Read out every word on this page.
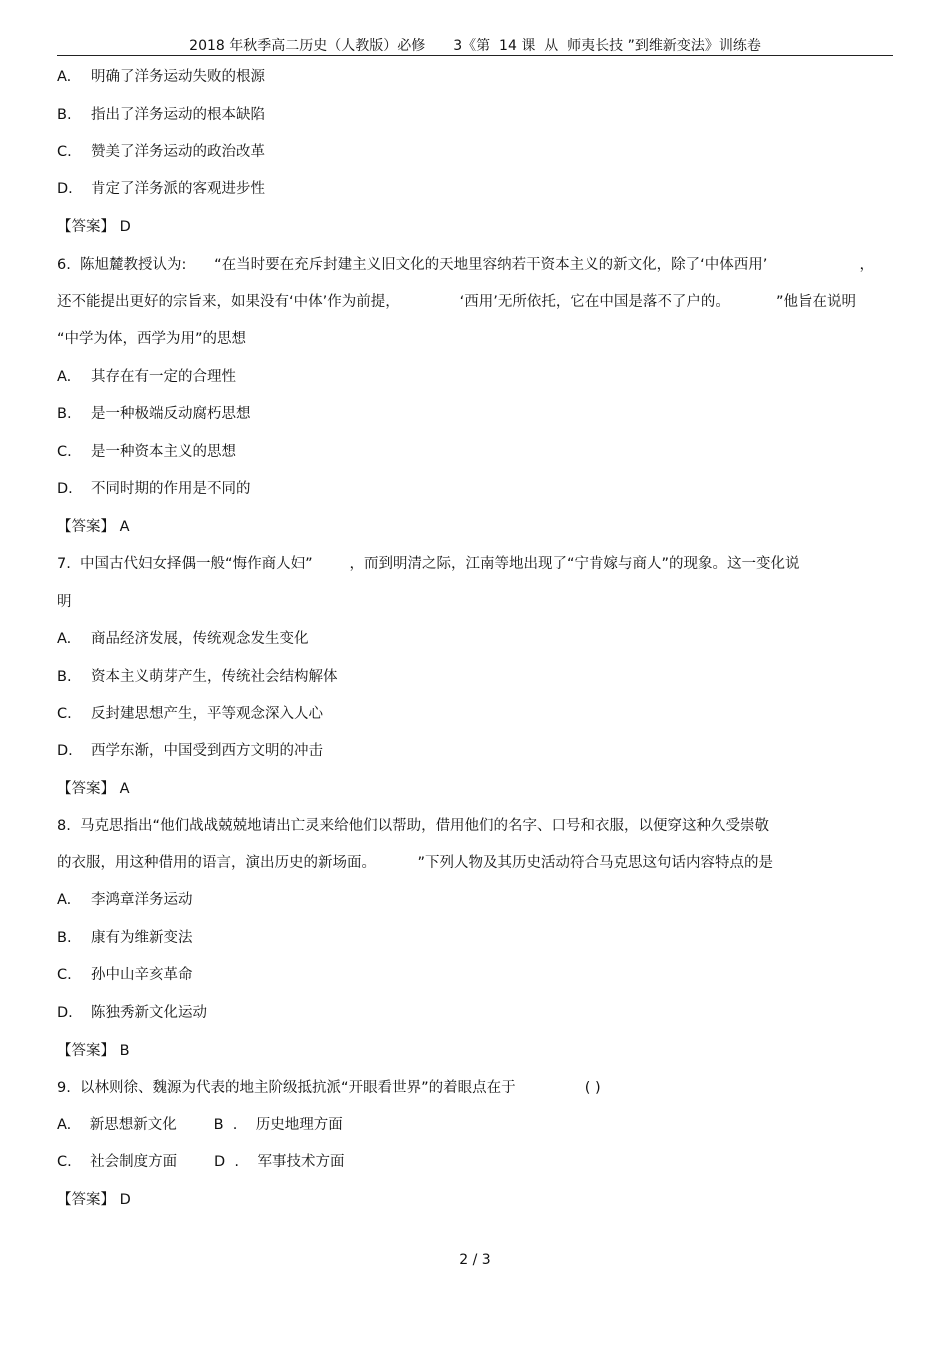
2018 年秋季高二历史（人教版）必修　　3《第  14 课  从  师夷长技 ”到维新变法》训练卷
A. 明确了洋务运动失败的根源
B. 指出了洋务运动的根本缺陷
C. 赞美了洋务运动的政治改革
D. 肯定了洋务派的客观进步性
【答案】 D
6.  陈旭麓教授认为:      “在当时要在充斥封建主义旧文化的天地里容纳若干资本主义的新文化，除了‘中体西用’                    ，
还不能提出更好的宗旨来，如果没有‘中体’作为前提，             ‘西用’无所依托，它在中国是落不了户的。          ”他旨在说明
“中学为体，西学为用”的思想
A. 其存在有一定的合理性
B. 是一种极端反动腐朽思想
C. 是一种资本主义的思想
D. 不同时期的作用是不同的
【答案】 A
7.  中国古代妇女择偶一般“悔作商人妇”        ，而到明清之际，江南等地出现了“宁肯嫁与商人”的现象。这一变化说
明
A. 商品经济发展，传统观念发生变化
B. 资本主义萌芽产生，传统社会结构解体
C. 反封建思想产生，平等观念深入人心
D. 西学东渐，中国受到西方文明的冲击
【答案】 A
8.  马克思指出“他们战战兢兢地请出亡灵来给他们以帮助，借用他们的名字、口号和衣服，以便穿这种久受崇敬
的衣服，用这种借用的语言，演出历史的新场面。         ”下列人物及其历史活动符合马克思这句话内容特点的是
A. 李鸿章洋务运动
B. 康有为维新变法
C. 孙中山辛亥革命
D. 陈独秀新文化运动
【答案】 B
9.  以林则徐、魏源为代表的地主阶级抵抗派“开眼看世界”的着眼点在于               ( )
A.    新思想新文化        B  .    历史地理方面
C.    社会制度方面        D  .    军事技术方面
【答案】 D
2 / 3
